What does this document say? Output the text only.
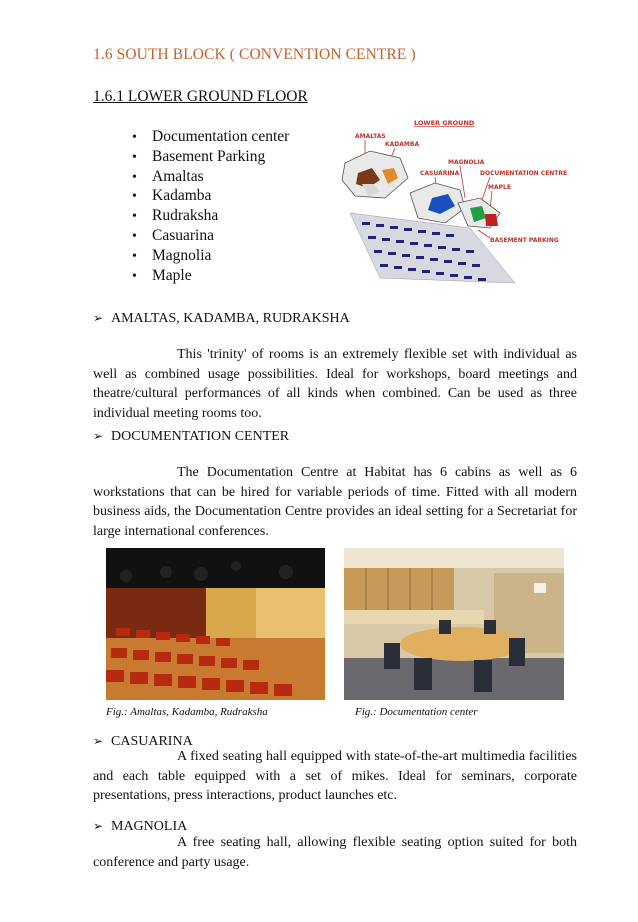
1.6 SOUTH BLOCK ( CONVENTION CENTRE )
1.6.1 LOWER GROUND FLOOR
• Documentation center
• Basement Parking
• Amaltas
• Kadamba
• Rudraksha
• Casuarina
• Magnolia
• Maple
LOWER GROUND
AMALTAS
KADAMBA
MAGNOLIA
CASUARINA	DOCUMENTATION CENTRE
MAPLE
BASEMENT PARKING
➢ AMALTAS, KADAMBA, RUDRAKSHA
This 'trinity' of rooms is an extremely flexible set with individual as well as combined usage possibilities. Ideal for workshops, board meetings and theatre/cultural performances of all kinds when combined. Can be used as three individual meeting rooms too.
➢ DOCUMENTATION CENTER
The Documentation Centre at Habitat has 6 cabins as well as 6 workstations that can be hired for variable periods of time. Fitted with all modern business aids, the Documentation Centre provides an ideal setting for a Secretariat for large international conferences.
Fig.: Amaltas, Kadamba, Rudraksha	Fig.: Documentation center
➢ CASUARINA
A fixed seating hall equipped with state-of-the-art multimedia facilities and each table equipped with a set of mikes. Ideal for seminars, corporate presentations, press interactions, product launches etc.
➢ MAGNOLIA
A free seating hall, allowing flexible seating option suited for both conference and party usage.
